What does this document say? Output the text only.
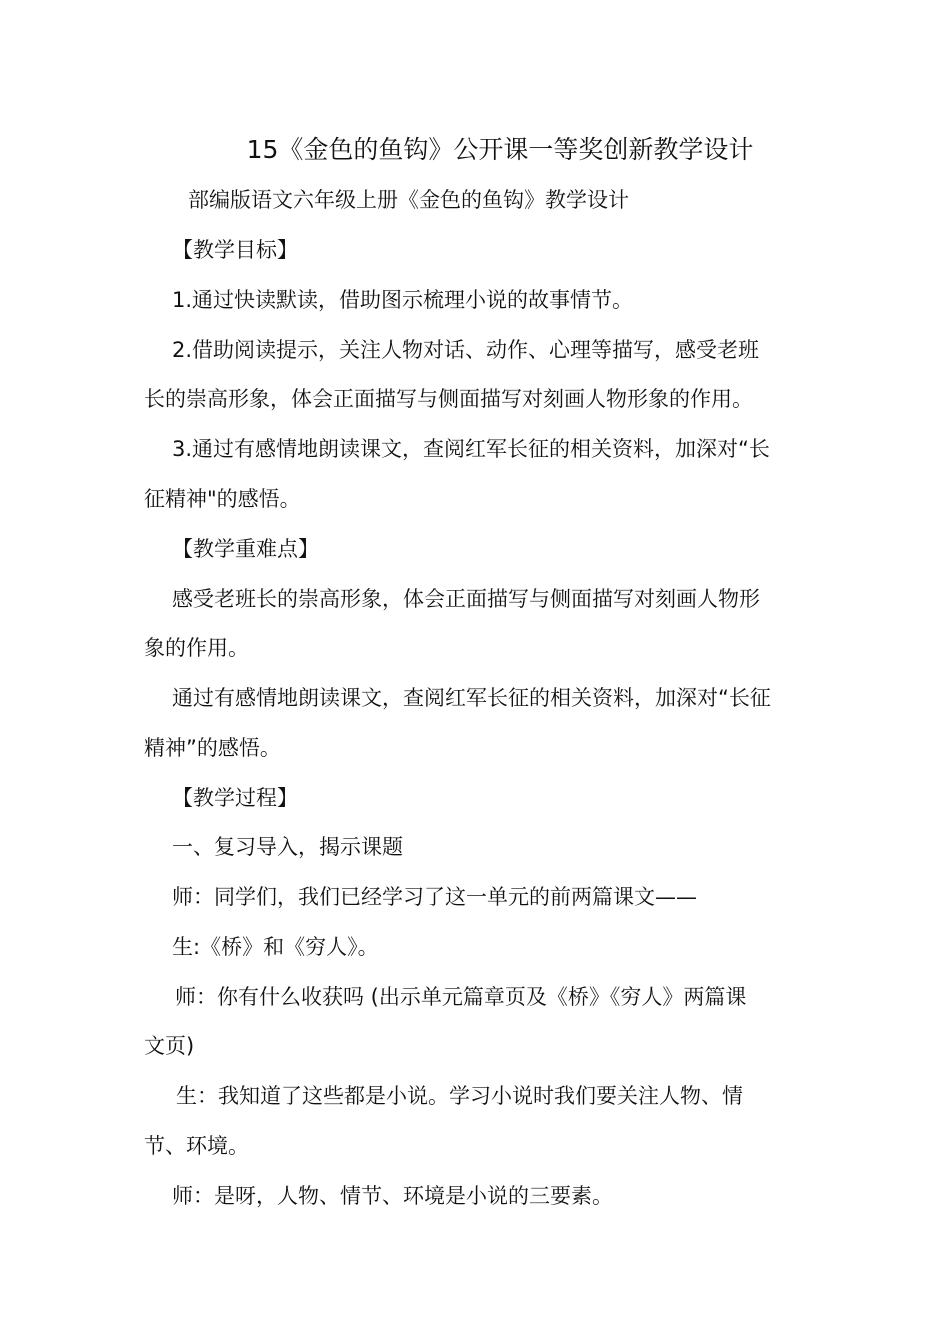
15《金色的鱼钩》公开课一等奖创新教学设计
部编版语文六年级上册《金色的鱼钩》教学设计
【教学目标】
1.通过快读默读，借助图示梳理小说的故事情节。
2.借助阅读提示，关注人物对话、动作、心理等描写，感受老班
长的崇高形象，体会正面描写与侧面描写对刻画人物形象的作用。
3.通过有感情地朗读课文，查阅红军长征的相关资料，加深对“长
征精神"的感悟。
【教学重难点】
感受老班长的崇高形象，体会正面描写与侧面描写对刻画人物形
象的作用。
通过有感情地朗读课文，查阅红军长征的相关资料，加深对“长征
精神”的感悟。
【教学过程】
一、复习导入，揭示课题
师：同学们，我们已经学习了这一单元的前两篇课文——
生:《桥》和《穷人》。
师：你有什么收获吗 (出示单元篇章页及《桥》《穷人》两篇课
文页)
生：我知道了这些都是小说。学习小说时我们要关注人物、情
节、环境。
师：是呀，人物、情节、环境是小说的三要素。
